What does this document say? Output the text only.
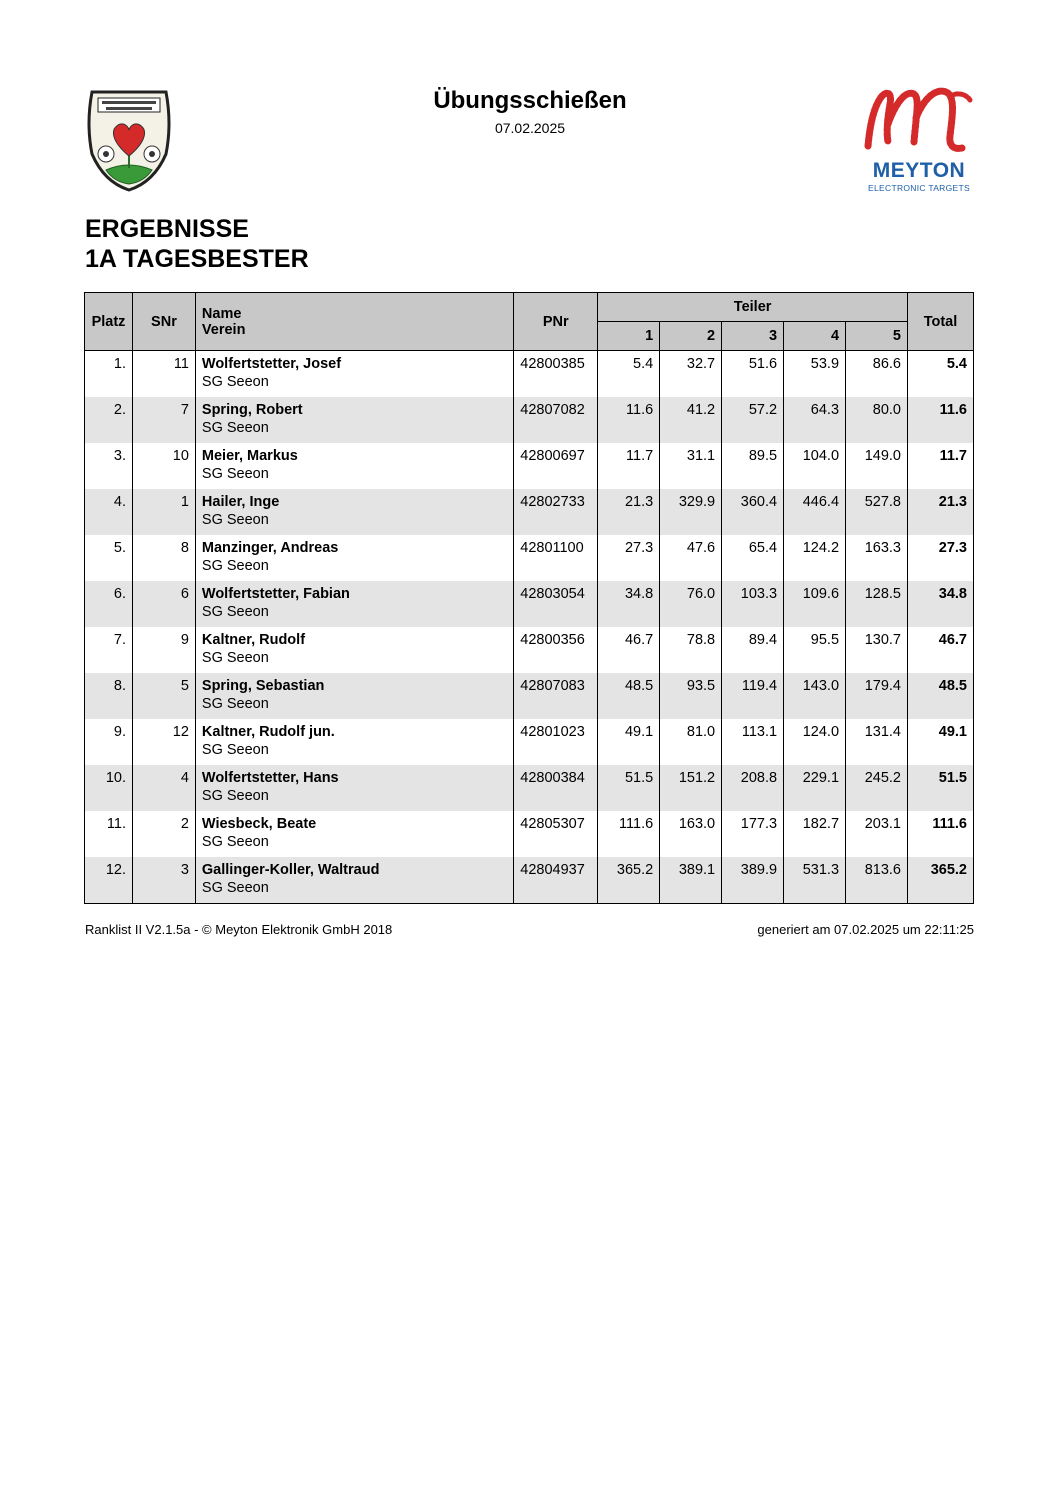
Übungsschießen
07.02.2025
MEYTON
ELECTRONIC TARGETS
ERGEBNISSE
1A TAGESBESTER
Platz	SNr	Name
Verein	PNr	Teiler					Total
				1	2	3	4	5	
1.	11	Wolfertstetter, Josef
SG Seeon	42800385	5.4	32.7	51.6	53.9	86.6	5.4
2.	7	Spring, Robert
SG Seeon	42807082	11.6	41.2	57.2	64.3	80.0	11.6
3.	10	Meier, Markus
SG Seeon	42800697	11.7	31.1	89.5	104.0	149.0	11.7
4.	1	Hailer, Inge
SG Seeon	42802733	21.3	329.9	360.4	446.4	527.8	21.3
5.	8	Manzinger, Andreas
SG Seeon	42801100	27.3	47.6	65.4	124.2	163.3	27.3
6.	6	Wolfertstetter, Fabian
SG Seeon	42803054	34.8	76.0	103.3	109.6	128.5	34.8
7.	9	Kaltner, Rudolf
SG Seeon	42800356	46.7	78.8	89.4	95.5	130.7	46.7
8.	5	Spring, Sebastian
SG Seeon	42807083	48.5	93.5	119.4	143.0	179.4	48.5
9.	12	Kaltner, Rudolf jun.
SG Seeon	42801023	49.1	81.0	113.1	124.0	131.4	49.1
10.	4	Wolfertstetter, Hans
SG Seeon	42800384	51.5	151.2	208.8	229.1	245.2	51.5
11.	2	Wiesbeck, Beate
SG Seeon	42805307	111.6	163.0	177.3	182.7	203.1	111.6
12.	3	Gallinger-Koller, Waltraud
SG Seeon	42804937	365.2	389.1	389.9	531.3	813.6	365.2
Ranklist II V2.1.5a - © Meyton Elektronik GmbH 2018	generiert am 07.02.2025 um 22:11:25
